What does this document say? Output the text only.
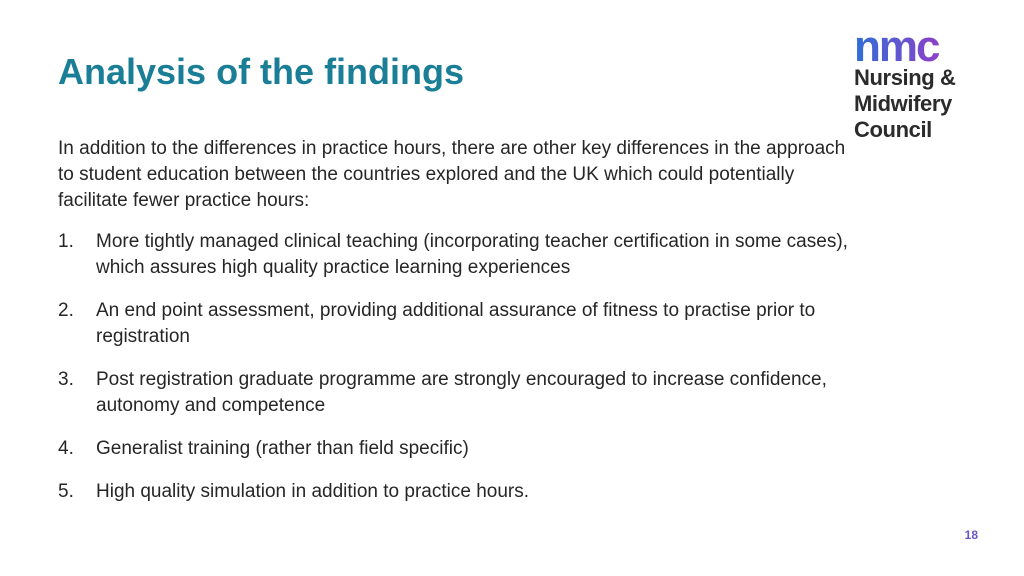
Analysis of the findings

In addition to the differences in practice hours, there are other key differences in the approach to student education between the countries explored and the UK which could potentially facilitate fewer practice hours:

1. More tightly managed clinical teaching (incorporating teacher certification in some cases), which assures high quality practice learning experiences
2. An end point assessment, providing additional assurance of fitness to practise prior to registration
3. Post registration graduate programme are strongly encouraged to increase confidence, autonomy and competence
4. Generalist training (rather than field specific)
5. High quality simulation in addition to practice hours.
nmc
Nursing &
Midwifery
Council
18
